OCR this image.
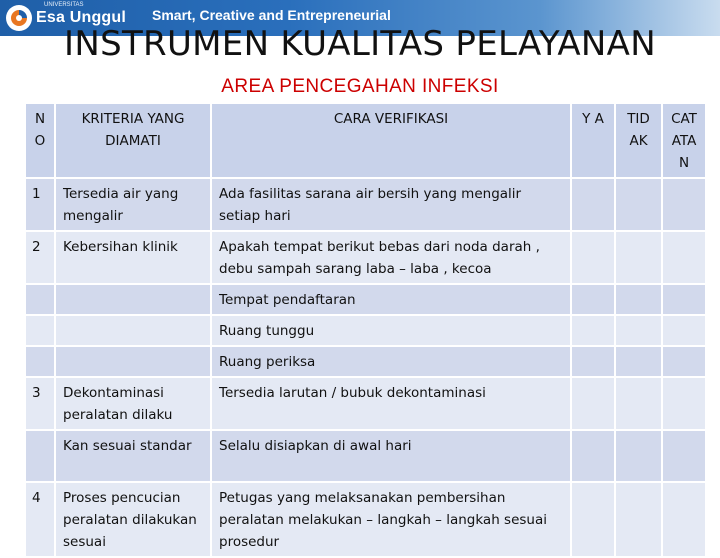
UNIVERSITAS
Esa Unggul Smart, Creative and Entrepreneurial
INSTRUMEN KUALITAS PELAYANAN
AREA PENCEGAHAN INFEKSI
N O	KRITERIA YANG DIAMATI	CARA VERIFIKASI	Y A	TID AK	CAT ATA N
1	Tersedia air yang mengalir	Ada fasilitas sarana air bersih yang mengalir setiap hari			
2	Kebersihan klinik	Apakah tempat berikut bebas dari noda darah , debu sampah sarang laba – laba , kecoa			
		Tempat pendaftaran			
		Ruang tunggu			
		Ruang periksa			
3	Dekontaminasi peralatan dilaku	Tersedia larutan / bubuk dekontaminasi			
	Kan sesuai standar	Selalu disiapkan di awal hari			
4	Proses pencucian peralatan dilakukan sesuai	Petugas yang melaksanakan pembersihan peralatan melakukan – langkah – langkah sesuai prosedur			
